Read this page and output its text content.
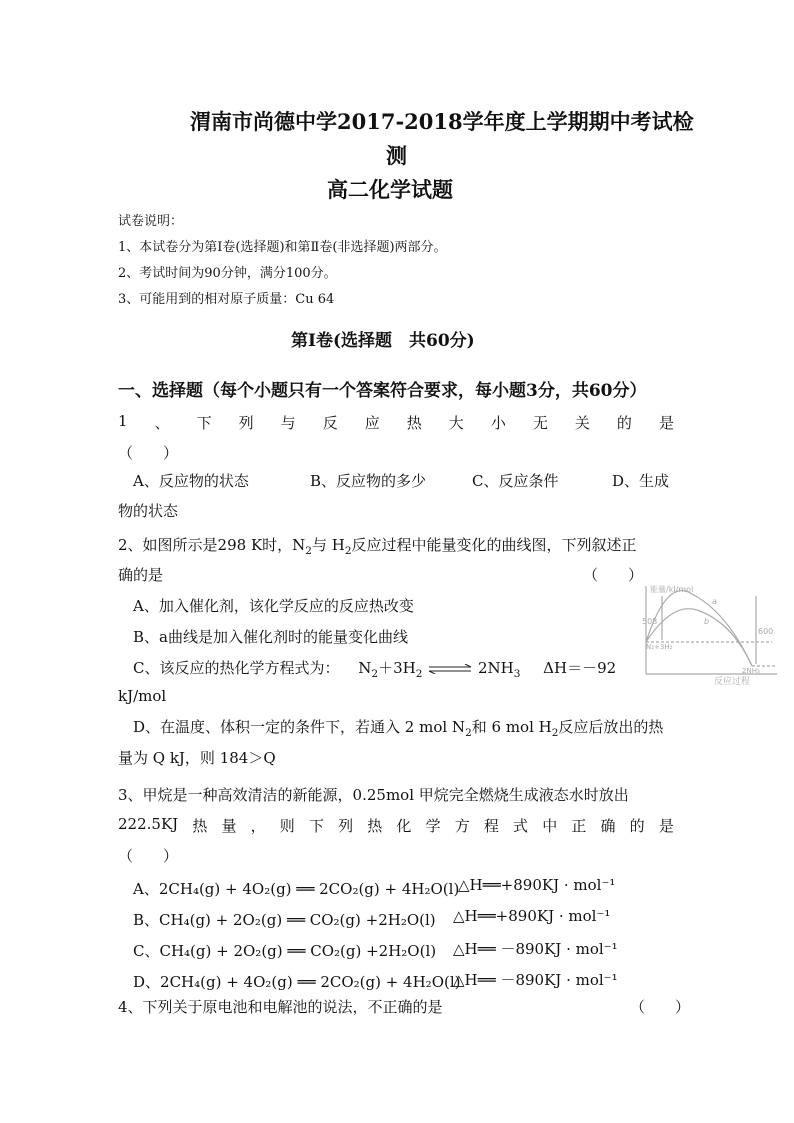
渭南市尚德中学2017-2018学年度上学期期中考试检
测
高二化学试题
试卷说明：
1、本试卷分为第Ⅰ卷(选择题)和第Ⅱ卷(非选择题)两部分。
2、考试时间为90分钟，满分100分。
3、可能用到的相对原子质量：Cu 64
第Ⅰ卷(选择题　共60分)
一、选择题（每个小题只有一个答案符合要求，每小题3分，共60分）
1 、 下 列 与 反 应 热 大 小 无 关 的 是
（　　）
A、反应物的状态	B、反应物的多少	C、反应条件	D、生成
物的状态
2、如图所示是298 K时，$N_2$与 $H_2$反应过程中能量变化的曲线图，下列叙述正
确的是	（　　）
能量/kJ/mol
508
600
N₂+3H₂
2NH₃
a
b
反应过程
A、加入催化剂，该化学反应的反应热改变
B、a曲线是加入催化剂时的能量变化曲线
C、该反应的热化学方程式为： $N_2+3H_2$ ⇌ $2NH_3$ ΔH＝－92
kJ/mol
D、在温度、体积一定的条件下，若通入 2 mol $N_2$和 6 mol $H_2$反应后放出的热
量为 Q kJ，则 184＞Q
3、甲烷是一种高效清洁的新能源，0.25mol 甲烷完全燃烧生成液态水时放出
222.5KJ 热 量 ， 则 下 列 热 化 学 方 程 式 中 正 确 的 是
（　　）
A、2CH₄(g) + 4O₂(g) ══ 2CO₂(g) + 4H₂O(l)
△H══+890KJ · mol⁻¹
B、CH₄(g) + 2O₂(g) ══ CO₂(g) +2H₂O(l) △H══+890KJ · mol⁻¹
C、CH₄(g) + 2O₂(g) ══ CO₂(g) +2H₂O(l) △H══ －890KJ · mol⁻¹
D、2CH₄(g) + 4O₂(g) ══ 2CO₂(g) + 4H₂O(l)
△H══ －890KJ · mol⁻¹
4、下列关于原电池和电解池的说法，不正确的是	（　　）
